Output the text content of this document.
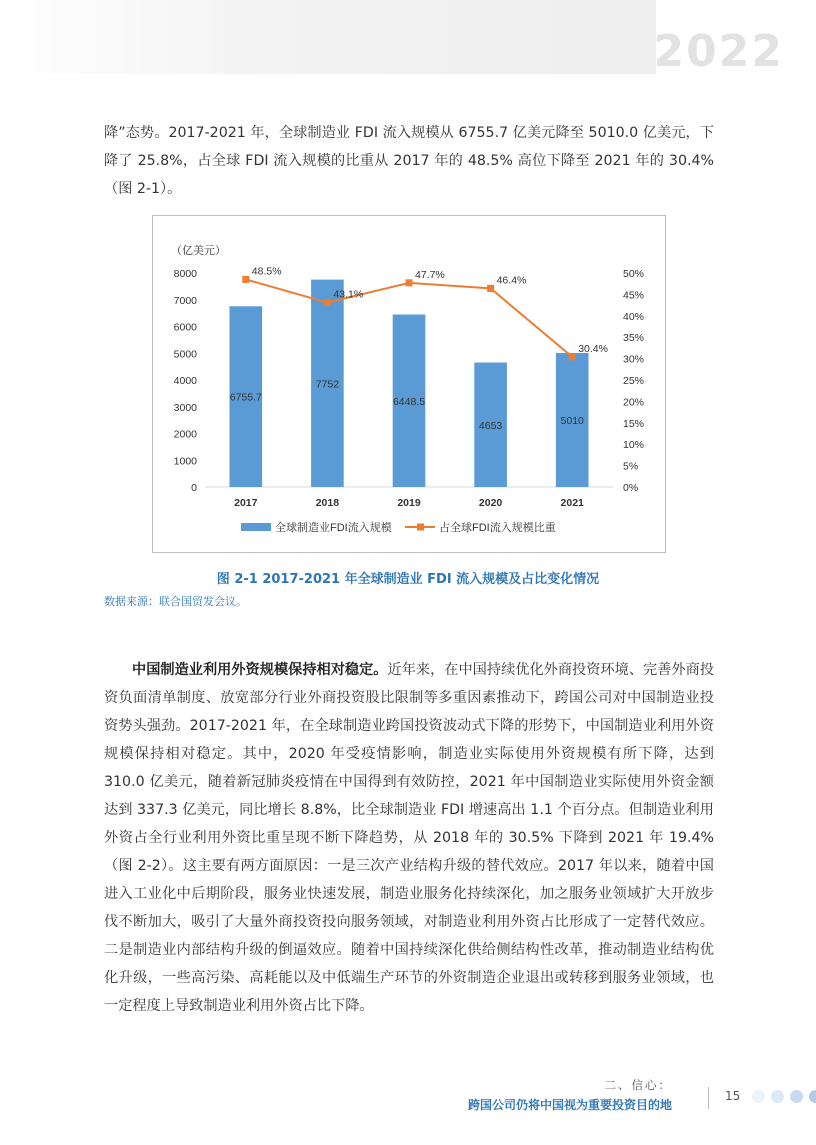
2022

降”态势。2017-2021 年，全球制造业 FDI 流入规模从 6755.7 亿美元降至 5010.0 亿美元，下降了 25.8%，占全球 FDI 流入规模的比重从 2017 年的 48.5% 高位下降至 2021 年的 30.4%（图 2-1）。

（亿美元）
0
1000
2000
3000
4000
5000
6000
7000
8000
0%
5%
10%
15%
20%
25%
30%
35%
40%
45%
50%
6755.7
7752
6448.5
4653	5010
2017	2018	2019	2020	2021
48.5%
43.1%
47.7%	46.4%
30.4%
全球制造业FDI流入规模	占全球FDI流入规模比重
图 2-1 2017-2021 年全球制造业 FDI 流入规模及占比变化情况
数据来源：联合国贸发会议。

中国制造业利用外资规模保持相对稳定。近年来，在中国持续优化外商投资环境、完善外商投资负面清单制度、放宽部分行业外商投资股比限制等多重因素推动下，跨国公司对中国制造业投资势头强劲。2017-2021 年，在全球制造业跨国投资波动式下降的形势下，中国制造业利用外资规模保持相对稳定。其中，2020 年受疫情影响，制造业实际使用外资规模有所下降，达到 310.0 亿美元，随着新冠肺炎疫情在中国得到有效防控，2021 年中国制造业实际使用外资金额达到 337.3 亿美元，同比增长 8.8%，比全球制造业 FDI 增速高出 1.1 个百分点。但制造业利用外资占全行业利用外资比重呈现不断下降趋势，从 2018 年的 30.5% 下降到 2021 年 19.4%（图 2-2）。这主要有两方面原因：一是三次产业结构升级的替代效应。2017 年以来，随着中国进入工业化中后期阶段，服务业快速发展，制造业服务化持续深化，加之服务业领域扩大开放步伐不断加大，吸引了大量外商投资投向服务领域，对制造业利用外资占比形成了一定替代效应。二是制造业内部结构升级的倒逼效应。随着中国持续深化供给侧结构性改革，推动制造业结构优化升级，一些高污染、高耗能以及中低端生产环节的外资制造企业退出或转移到服务业领域，也一定程度上导致制造业利用外资占比下降。

二、信心：
跨国公司仍将中国视为重要投资目的地
15
